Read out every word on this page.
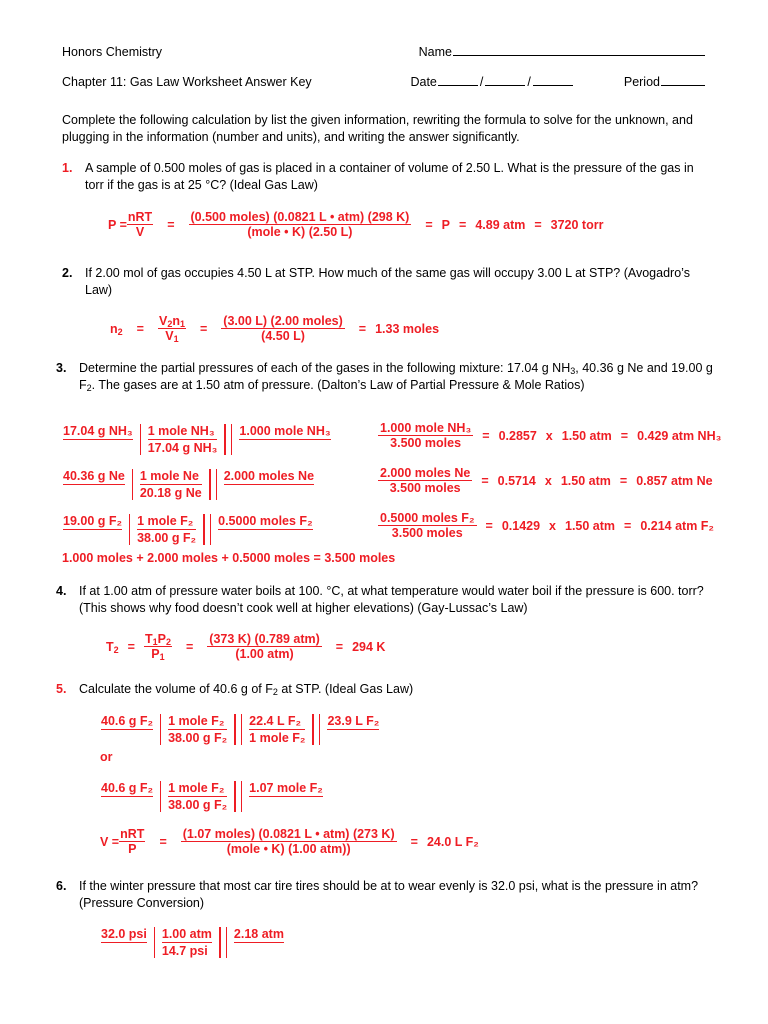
Honors Chemistry	Name
Chapter 11: Gas Law Worksheet Answer Key	Date	/	/	Period
Complete the following calculation by list the given information, rewriting the formula to solve for the unknown, and plugging in the information (number and units), and writing the answer significantly.
1.	A sample of 0.500 moles of gas is placed in a container of volume of 2.50 L. What is the pressure of the gas in torr if the gas is at 25 °C? (Ideal Gas Law)
$P = \frac{\text{nRT}}{V} = \frac{\text{(0.500 moles) (0.0821 L • atm) (298 K)}}{\text{(mole • K) (2.50 L)}} = P = 4.89$ atm = 3720 torr
2.	If 2.00 mol of gas occupies 4.50 L at STP. How much of the same gas will occupy 3.00 L at STP? (Avogadro’s Law)
$n_2 = \frac{V_2n_1}{V_1} = \frac{\text{(3.00 L) (2.00 moles)}}{(4.50 L)} = 1.33$ moles
3.	Determine the partial pressures of each of the gases in the following mixture: 17.04 g $NH_3$, 40.36 g Ne and 19.00 g $F_2$. The gases are at 1.50 atm of pressure. (Dalton’s Law of Partial Pressure & Mole Ratios)
17.04 g NH₃ 1 mole NH₃
17.04 g NH₃
1.000 mole NH₃
40.36 g Ne 1 mole Ne
20.18 g Ne
2.000 moles Ne
19.00 g F₂ 1 mole F₂
38.00 g F₂
0.5000 moles F₂
$\frac{\text{1.000 mole NH₃}}{\text{3.500 moles}} = 0.2857$ x 1.50 atm = 0.429 atm NH₃
$\frac{\text{2.000 moles Ne}}{\text{3.500 moles}} = 0.5714$ x 1.50 atm = 0.857 atm Ne
$\frac{\text{0.5000 moles F₂}}{\text{3.500 moles}} = 0.1429$ x 1.50 atm = 0.214 atm F₂
1.000 moles + 2.000 moles + 0.5000 moles = 3.500 moles
4.	If at 1.00 atm of pressure water boils at 100. °C, at what temperature would water boil if the pressure is 600. torr? (This shows why food doesn’t cook well at higher elevations) (Gay-Lussac’s Law)
$T_2 = \frac{T_1P_2}{P_1} = \frac{\text{(373 K) (0.789 atm)}}{\text{(1.00 atm)}} = 294$ K
5.	Calculate the volume of 40.6 g of $F_2$ at STP. (Ideal Gas Law)
40.6 g F₂ 1 mole F₂
38.00 g F₂
22.4 L F₂
1 mole F₂
23.9 L F₂
or
40.6 g F₂ 1 mole F₂
38.00 g F₂
1.07 mole F₂
$V = \frac{\text{nRT}}{P} = \frac{\text{(1.07 moles) (0.0821 L • atm) (273 K)}}{\text{(mole • K) (1.00 atm))}} = 24.0$ L F₂
6.	If the winter pressure that most car tire tires should be at to wear evenly is 32.0 psi, what is the pressure in atm? (Pressure Conversion)
32.0 psi 1.00 atm
14.7 psi
2.18 atm
